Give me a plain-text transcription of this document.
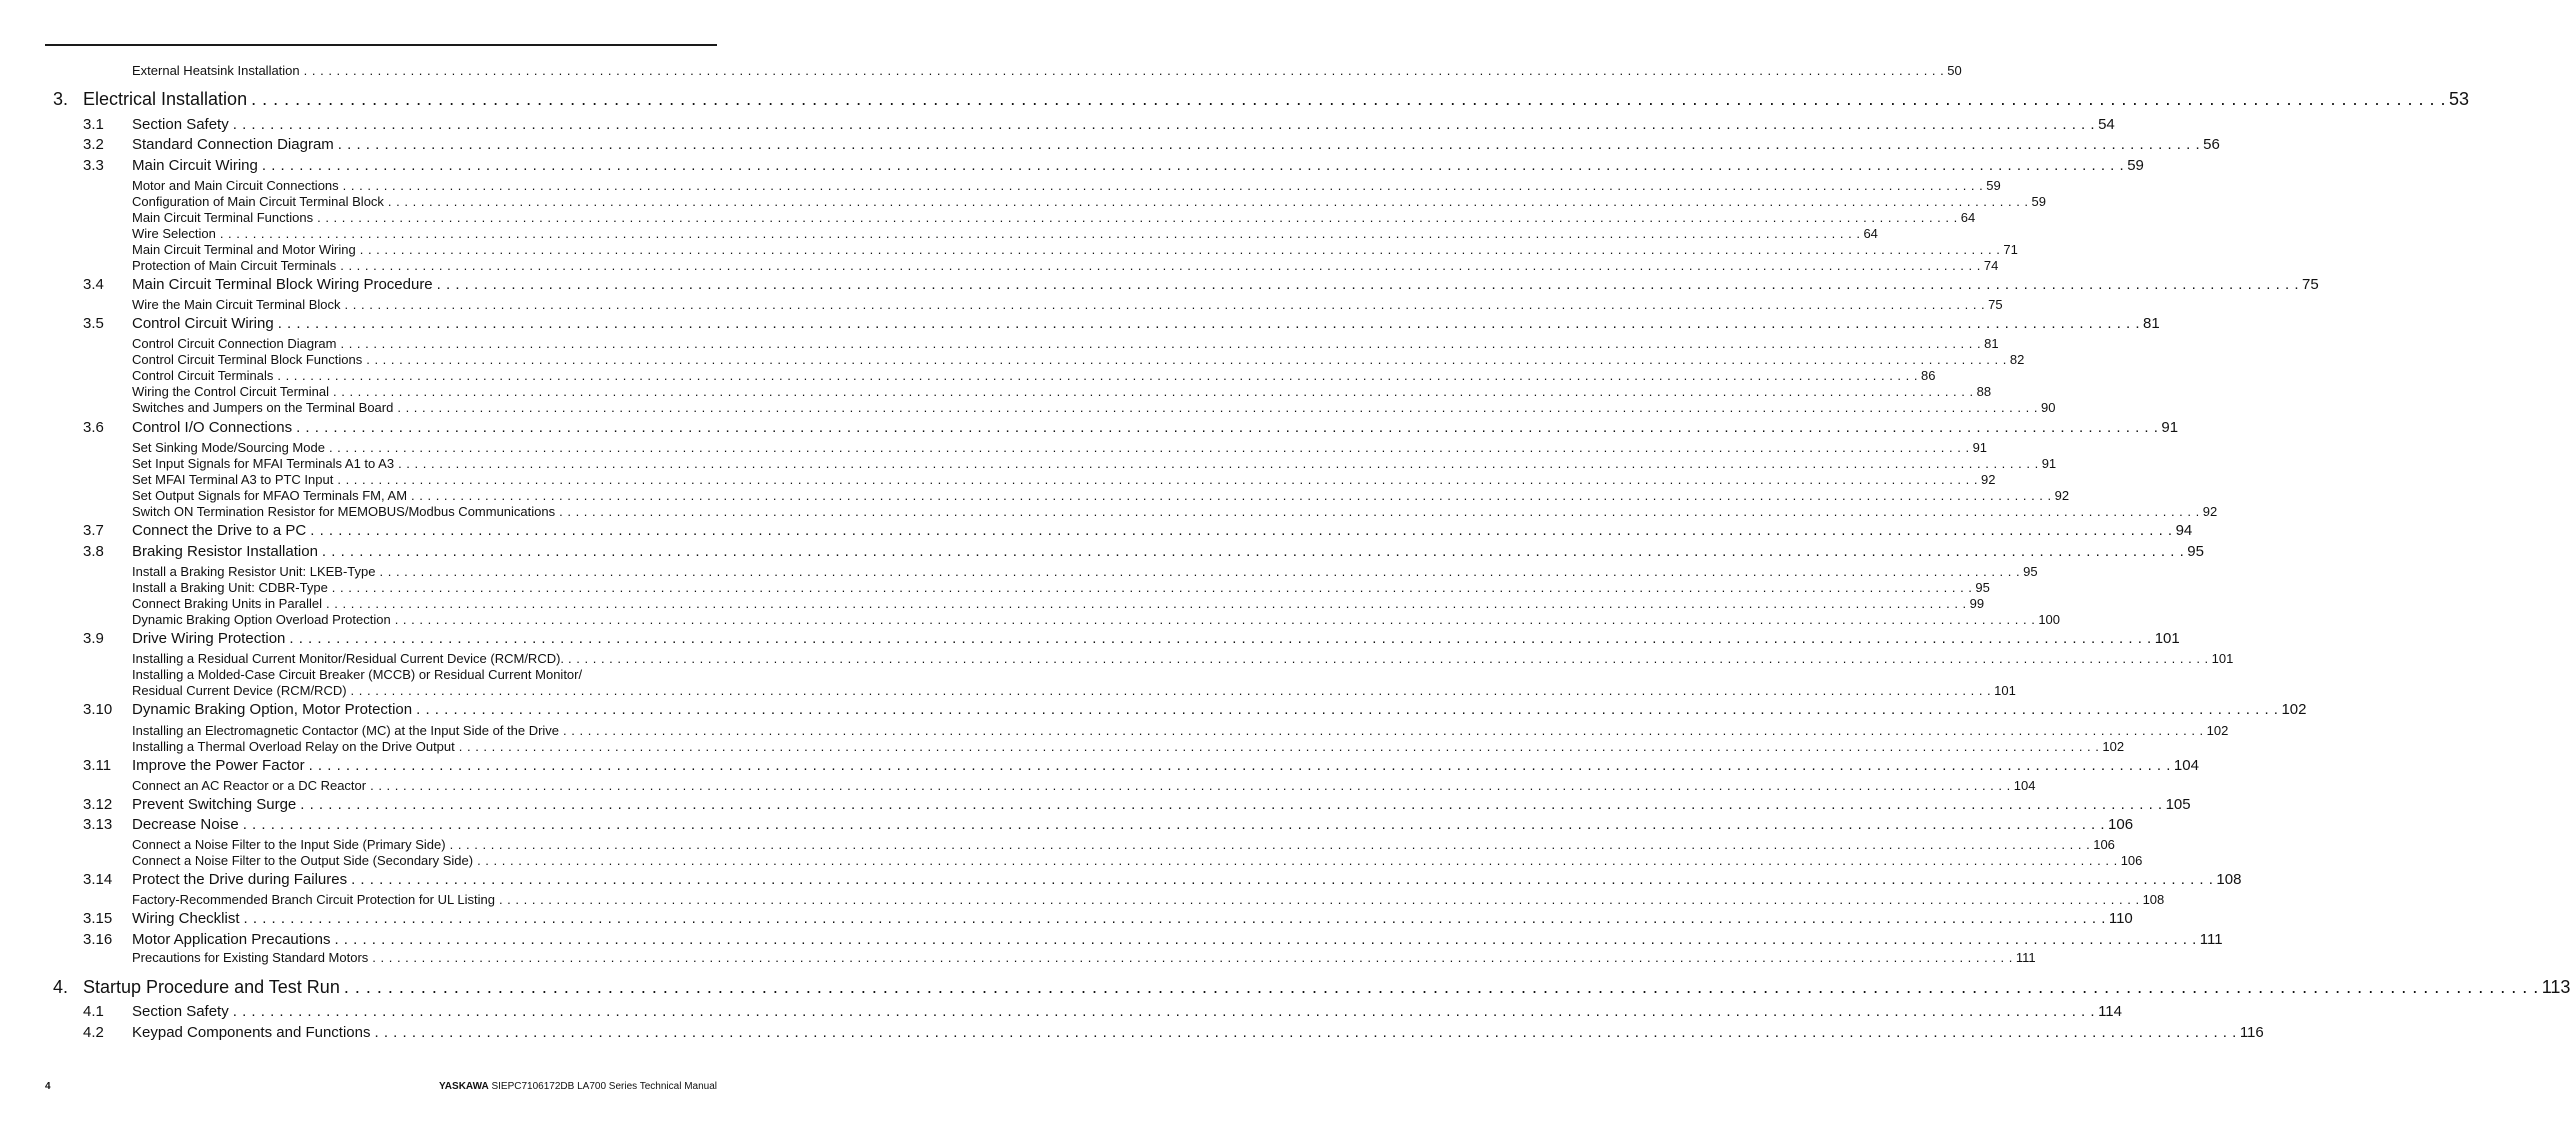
External Heatsink Installation . . . . . . . . . . . . . . . . . . . . . . . . . . . . . . . . . . . . . . . . . . . . . . . . . . . . . . . . . . . . . . . . . . . . . . . . . . . . . . . . . . . . . . . . . . . . . . . . . . . . . . . . . . . . . . . . . . . . . . . . . . . . . . . . . . . . . . . . . . . . . . . . . . . . . . . . . . . . . . . . . . . . . . . . . . . . . . . . . . . . . . . . . . . . . . . . . . . . . . . . 50
3. Electrical Installation . . . . . . . . . . . . . . . . . . . . . . . . . . . . . . . . . . . . . . . . . . . . . . . . . . . . . . . . . . . . . . . . . . . . . . . . . . . . . . . . . . . . . . . . . . . . . . . . . . . . . . . . . . . . . . . . . . . . . . . . . . . . . . . . . . . . . . . . . . . . . . . . . . . . . . . . . . . . . . . . . . . . . . . . . . . . . . . . . . . . . . . . . . . . . . . . . . . . . . . . 53
3.1 Section Safety . . . . . . . . . . . . . . . . . . . . . . . . . . . . . . . . . . . . . . . . . . . . . . . . . . . . . . . . . . . . . . . . . . . . . . . . . . . . . . . . . . . . . . . . . . . . . . . . . . . . . . . . . . . . . . . . . . . . . . . . . . . . . . . . . . . . . . . . . . . . . . . . . . . . . . . . . . . . . . . . . . . . . . . . . . . . . . . . . . . . . . . . . . . . . . . . . . . . . . . . 54
3.2 Standard Connection Diagram . . . . . . . . . . . . . . . . . . . . . . . . . . . . . . . . . . . . . . . . . . . . . . . . . . . . . . . . . . . . . . . . . . . . . . . . . . . . . . . . . . . . . . . . . . . . . . . . . . . . . . . . . . . . . . . . . . . . . . . . . . . . . . . . . . . . . . . . . . . . . . . . . . . . . . . . . . . . . . . . . . . . . . . . . . . . . . . . . . . . . . . . . . . . . . . . . . . . . . . . 56
3.3 Main Circuit Wiring . . . . . . . . . . . . . . . . . . . . . . . . . . . . . . . . . . . . . . . . . . . . . . . . . . . . . . . . . . . . . . . . . . . . . . . . . . . . . . . . . . . . . . . . . . . . . . . . . . . . . . . . . . . . . . . . . . . . . . . . . . . . . . . . . . . . . . . . . . . . . . . . . . . . . . . . . . . . . . . . . . . . . . . . . . . . . . . . . . . . . . . . . . . . . . . . . . . . . . . . 59
Motor and Main Circuit Connections . . . . . . . . . . . . . . . . . . . . . . . . . . . . . . . . . . . . . . . . . . . . . . . . . . . . . . . . . . . . . . . . . . . . . . . . . . . . . . . . . . . . . . . . . . . . . . . . . . . . . . . . . . . . . . . . . . . . . . . . . . . . . . . . . . . . . . . . . . . . . . . . . . . . . . . . . . . . . . . . . . . . . . . . . . . . . . . . . . . . . . . . . . . . . . . . . . . . . . . . 59
Configuration of Main Circuit Terminal Block . . . . . . . . . . . . . . . . . . . . . . . . . . . . . . . . . . . . . . . . . . . . . . . . . . . . . . . . . . . . . . . . . . . . . . . . . . . . . . . . . . . . . . . . . . . . . . . . . . . . . . . . . . . . . . . . . . . . . . . . . . . . . . . . . . . . . . . . . . . . . . . . . . . . . . . . . . . . . . . . . . . . . . . . . . . . . . . . . . . . . . . . . . . . . . . . . . . . . . . . 59
Main Circuit Terminal Functions . . . . . . . . . . . . . . . . . . . . . . . . . . . . . . . . . . . . . . . . . . . . . . . . . . . . . . . . . . . . . . . . . . . . . . . . . . . . . . . . . . . . . . . . . . . . . . . . . . . . . . . . . . . . . . . . . . . . . . . . . . . . . . . . . . . . . . . . . . . . . . . . . . . . . . . . . . . . . . . . . . . . . . . . . . . . . . . . . . . . . . . . . . . . . . . . . . . . . . . . 64
Wire Selection . . . . . . . . . . . . . . . . . . . . . . . . . . . . . . . . . . . . . . . . . . . . . . . . . . . . . . . . . . . . . . . . . . . . . . . . . . . . . . . . . . . . . . . . . . . . . . . . . . . . . . . . . . . . . . . . . . . . . . . . . . . . . . . . . . . . . . . . . . . . . . . . . . . . . . . . . . . . . . . . . . . . . . . . . . . . . . . . . . . . . . . . . . . . . . . . . . . . . . . . 64
Main Circuit Terminal and Motor Wiring . . . . . . . . . . . . . . . . . . . . . . . . . . . . . . . . . . . . . . . . . . . . . . . . . . . . . . . . . . . . . . . . . . . . . . . . . . . . . . . . . . . . . . . . . . . . . . . . . . . . . . . . . . . . . . . . . . . . . . . . . . . . . . . . . . . . . . . . . . . . . . . . . . . . . . . . . . . . . . . . . . . . . . . . . . . . . . . . . . . . . . . . . . . . . . . . . . . . . . . . 71
Protection of Main Circuit Terminals . . . . . . . . . . . . . . . . . . . . . . . . . . . . . . . . . . . . . . . . . . . . . . . . . . . . . . . . . . . . . . . . . . . . . . . . . . . . . . . . . . . . . . . . . . . . . . . . . . . . . . . . . . . . . . . . . . . . . . . . . . . . . . . . . . . . . . . . . . . . . . . . . . . . . . . . . . . . . . . . . . . . . . . . . . . . . . . . . . . . . . . . . . . . . . . . . . . . . . . . 74
3.4 Main Circuit Terminal Block Wiring Procedure . . . . . . . . . . . . . . . . . . . . . . . . . . . . . . . . . . . . . . . . . . . . . . . . . . . . . . . . . . . . . . . . . . . . . . . . . . . . . . . . . . . . . . . . . . . . . . . . . . . . . . . . . . . . . . . . . . . . . . . . . . . . . . . . . . . . . . . . . . . . . . . . . . . . . . . . . . . . . . . . . . . . . . . . . . . . . . . . . . . . . . . . . . . . . . . . . . . . . . . . 75
Wire the Main Circuit Terminal Block . . . . . . . . . . . . . . . . . . . . . . . . . . . . . . . . . . . . . . . . . . . . . . . . . . . . . . . . . . . . . . . . . . . . . . . . . . . . . . . . . . . . . . . . . . . . . . . . . . . . . . . . . . . . . . . . . . . . . . . . . . . . . . . . . . . . . . . . . . . . . . . . . . . . . . . . . . . . . . . . . . . . . . . . . . . . . . . . . . . . . . . . . . . . . . . . . . . . . . . . 75
3.5 Control Circuit Wiring . . . . . . . . . . . . . . . . . . . . . . . . . . . . . . . . . . . . . . . . . . . . . . . . . . . . . . . . . . . . . . . . . . . . . . . . . . . . . . . . . . . . . . . . . . . . . . . . . . . . . . . . . . . . . . . . . . . . . . . . . . . . . . . . . . . . . . . . . . . . . . . . . . . . . . . . . . . . . . . . . . . . . . . . . . . . . . . . . . . . . . . . . . . . . . . . . . . . . . . . 81
Control Circuit Connection Diagram . . . . . . . . . . . . . . . . . . . . . . . . . . . . . . . . . . . . . . . . . . . . . . . . . . . . . . . . . . . . . . . . . . . . . . . . . . . . . . . . . . . . . . . . . . . . . . . . . . . . . . . . . . . . . . . . . . . . . . . . . . . . . . . . . . . . . . . . . . . . . . . . . . . . . . . . . . . . . . . . . . . . . . . . . . . . . . . . . . . . . . . . . . . . . . . . . . . . . . . . 81
Control Circuit Terminal Block Functions . . . . . . . . . . . . . . . . . . . . . . . . . . . . . . . . . . . . . . . . . . . . . . . . . . . . . . . . . . . . . . . . . . . . . . . . . . . . . . . . . . . . . . . . . . . . . . . . . . . . . . . . . . . . . . . . . . . . . . . . . . . . . . . . . . . . . . . . . . . . . . . . . . . . . . . . . . . . . . . . . . . . . . . . . . . . . . . . . . . . . . . . . . . . . . . . . . . . . . . . 82
Control Circuit Terminals . . . . . . . . . . . . . . . . . . . . . . . . . . . . . . . . . . . . . . . . . . . . . . . . . . . . . . . . . . . . . . . . . . . . . . . . . . . . . . . . . . . . . . . . . . . . . . . . . . . . . . . . . . . . . . . . . . . . . . . . . . . . . . . . . . . . . . . . . . . . . . . . . . . . . . . . . . . . . . . . . . . . . . . . . . . . . . . . . . . . . . . . . . . . . . . . . . . . . . . . 86
Wiring the Control Circuit Terminal . . . . . . . . . . . . . . . . . . . . . . . . . . . . . . . . . . . . . . . . . . . . . . . . . . . . . . . . . . . . . . . . . . . . . . . . . . . . . . . . . . . . . . . . . . . . . . . . . . . . . . . . . . . . . . . . . . . . . . . . . . . . . . . . . . . . . . . . . . . . . . . . . . . . . . . . . . . . . . . . . . . . . . . . . . . . . . . . . . . . . . . . . . . . . . . . . . . . . . . . 88
Switches and Jumpers on the Terminal Board . . . . . . . . . . . . . . . . . . . . . . . . . . . . . . . . . . . . . . . . . . . . . . . . . . . . . . . . . . . . . . . . . . . . . . . . . . . . . . . . . . . . . . . . . . . . . . . . . . . . . . . . . . . . . . . . . . . . . . . . . . . . . . . . . . . . . . . . . . . . . . . . . . . . . . . . . . . . . . . . . . . . . . . . . . . . . . . . . . . . . . . . . . . . . . . . . . . . . . . . 90
3.6 Control I/O Connections . . . . . . . . . . . . . . . . . . . . . . . . . . . . . . . . . . . . . . . . . . . . . . . . . . . . . . . . . . . . . . . . . . . . . . . . . . . . . . . . . . . . . . . . . . . . . . . . . . . . . . . . . . . . . . . . . . . . . . . . . . . . . . . . . . . . . . . . . . . . . . . . . . . . . . . . . . . . . . . . . . . . . . . . . . . . . . . . . . . . . . . . . . . . . . . . . . . . . . . . 91
Set Sinking Mode/Sourcing Mode . . . . . . . . . . . . . . . . . . . . . . . . . . . . . . . . . . . . . . . . . . . . . . . . . . . . . . . . . . . . . . . . . . . . . . . . . . . . . . . . . . . . . . . . . . . . . . . . . . . . . . . . . . . . . . . . . . . . . . . . . . . . . . . . . . . . . . . . . . . . . . . . . . . . . . . . . . . . . . . . . . . . . . . . . . . . . . . . . . . . . . . . . . . . . . . . . . . . . . . . 91
Set Input Signals for MFAI Terminals A1 to A3 . . . . . . . . . . . . . . . . . . . . . . . . . . . . . . . . . . . . . . . . . . . . . . . . . . . . . . . . . . . . . . . . . . . . . . . . . . . . . . . . . . . . . . . . . . . . . . . . . . . . . . . . . . . . . . . . . . . . . . . . . . . . . . . . . . . . . . . . . . . . . . . . . . . . . . . . . . . . . . . . . . . . . . . . . . . . . . . . . . . . . . . . . . . . . . . . . . . . . . . . 91
Set MFAI Terminal A3 to PTC Input . . . . . . . . . . . . . . . . . . . . . . . . . . . . . . . . . . . . . . . . . . . . . . . . . . . . . . . . . . . . . . . . . . . . . . . . . . . . . . . . . . . . . . . . . . . . . . . . . . . . . . . . . . . . . . . . . . . . . . . . . . . . . . . . . . . . . . . . . . . . . . . . . . . . . . . . . . . . . . . . . . . . . . . . . . . . . . . . . . . . . . . . . . . . . . . . . . . . . . . . 92
Set Output Signals for MFAO Terminals FM, AM . . . . . . . . . . . . . . . . . . . . . . . . . . . . . . . . . . . . . . . . . . . . . . . . . . . . . . . . . . . . . . . . . . . . . . . . . . . . . . . . . . . . . . . . . . . . . . . . . . . . . . . . . . . . . . . . . . . . . . . . . . . . . . . . . . . . . . . . . . . . . . . . . . . . . . . . . . . . . . . . . . . . . . . . . . . . . . . . . . . . . . . . . . . . . . . . . . . . . . . . 92
Switch ON Termination Resistor for MEMOBUS/Modbus Communications . . . . . . . . . . . . . . . . . . . . . . . . . . . . . . . . . . . . . . . . . . . . . . . . . . . . . . . . . . . . . . . . . . . . . . . . . . . . . . . . . . . . . . . . . . . . . . . . . . . . . . . . . . . . . . . . . . . . . . . . . . . . . . . . . . . . . . . . . . . . . . . . . . . . . . . . . . . . . . . . . . . . . . . . . . . . . . . . . . . . . . . . . . . . . . . . . . . . . . . . 92
3.7 Connect the Drive to a PC . . . . . . . . . . . . . . . . . . . . . . . . . . . . . . . . . . . . . . . . . . . . . . . . . . . . . . . . . . . . . . . . . . . . . . . . . . . . . . . . . . . . . . . . . . . . . . . . . . . . . . . . . . . . . . . . . . . . . . . . . . . . . . . . . . . . . . . . . . . . . . . . . . . . . . . . . . . . . . . . . . . . . . . . . . . . . . . . . . . . . . . . . . . . . . . . . . . . . . . . 94
3.8 Braking Resistor Installation . . . . . . . . . . . . . . . . . . . . . . . . . . . . . . . . . . . . . . . . . . . . . . . . . . . . . . . . . . . . . . . . . . . . . . . . . . . . . . . . . . . . . . . . . . . . . . . . . . . . . . . . . . . . . . . . . . . . . . . . . . . . . . . . . . . . . . . . . . . . . . . . . . . . . . . . . . . . . . . . . . . . . . . . . . . . . . . . . . . . . . . . . . . . . . . . . . . . . . . . 95
Install a Braking Resistor Unit: LKEB-Type . . . . . . . . . . . . . . . . . . . . . . . . . . . . . . . . . . . . . . . . . . . . . . . . . . . . . . . . . . . . . . . . . . . . . . . . . . . . . . . . . . . . . . . . . . . . . . . . . . . . . . . . . . . . . . . . . . . . . . . . . . . . . . . . . . . . . . . . . . . . . . . . . . . . . . . . . . . . . . . . . . . . . . . . . . . . . . . . . . . . . . . . . . . . . . . . . . . . . . . . 95
Install a Braking Unit: CDBR-Type . . . . . . . . . . . . . . . . . . . . . . . . . . . . . . . . . . . . . . . . . . . . . . . . . . . . . . . . . . . . . . . . . . . . . . . . . . . . . . . . . . . . . . . . . . . . . . . . . . . . . . . . . . . . . . . . . . . . . . . . . . . . . . . . . . . . . . . . . . . . . . . . . . . . . . . . . . . . . . . . . . . . . . . . . . . . . . . . . . . . . . . . . . . . . . . . . . . . . . . . 95
Connect Braking Units in Parallel . . . . . . . . . . . . . . . . . . . . . . . . . . . . . . . . . . . . . . . . . . . . . . . . . . . . . . . . . . . . . . . . . . . . . . . . . . . . . . . . . . . . . . . . . . . . . . . . . . . . . . . . . . . . . . . . . . . . . . . . . . . . . . . . . . . . . . . . . . . . . . . . . . . . . . . . . . . . . . . . . . . . . . . . . . . . . . . . . . . . . . . . . . . . . . . . . . . . . . . . 99
Dynamic Braking Option Overload Protection . . . . . . . . . . . . . . . . . . . . . . . . . . . . . . . . . . . . . . . . . . . . . . . . . . . . . . . . . . . . . . . . . . . . . . . . . . . . . . . . . . . . . . . . . . . . . . . . . . . . . . . . . . . . . . . . . . . . . . . . . . . . . . . . . . . . . . . . . . . . . . . . . . . . . . . . . . . . . . . . . . . . . . . . . . . . . . . . . . . . . . . . . . . . . . . . . . . . . . . . 100
3.9 Drive Wiring Protection . . . . . . . . . . . . . . . . . . . . . . . . . . . . . . . . . . . . . . . . . . . . . . . . . . . . . . . . . . . . . . . . . . . . . . . . . . . . . . . . . . . . . . . . . . . . . . . . . . . . . . . . . . . . . . . . . . . . . . . . . . . . . . . . . . . . . . . . . . . . . . . . . . . . . . . . . . . . . . . . . . . . . . . . . . . . . . . . . . . . . . . . . . . . . . . . . . . . . . . . 101
Installing a Residual Current Monitor/Residual Current Device (RCM/RCD). . . . . . . . . . . . . . . . . . . . . . . . . . . . . . . . . . . . . . . . . . . . . . . . . . . . . . . . . . . . . . . . . . . . . . . . . . . . . . . . . . . . . . . . . . . . . . . . . . . . . . . . . . . . . . . . . . . . . . . . . . . . . . . . . . . . . . . . . . . . . . . . . . . . . . . . . . . . . . . . . . . . . . . . . . . . . . . . . . . . . . . . . . . . . . . . . . . . . . . . . 101
Residual Current Device (RCM/RCD) . . . . . . . . . . . . . . . . . . . . . . . . . . . . . . . . . . . . . . . . . . . . . . . . . . . . . . . . . . . . . . . . . . . . . . . . . . . . . . . . . . . . . . . . . . . . . . . . . . . . . . . . . . . . . . . . . . . . . . . . . . . . . . . . . . . . . . . . . . . . . . . . . . . . . . . . . . . . . . . . . . . . . . . . . . . . . . . . . . . . . . . . . . . . . . . . . . . . . . . . 101
3.10 Dynamic Braking Option, Motor Protection . . . . . . . . . . . . . . . . . . . . . . . . . . . . . . . . . . . . . . . . . . . . . . . . . . . . . . . . . . . . . . . . . . . . . . . . . . . . . . . . . . . . . . . . . . . . . . . . . . . . . . . . . . . . . . . . . . . . . . . . . . . . . . . . . . . . . . . . . . . . . . . . . . . . . . . . . . . . . . . . . . . . . . . . . . . . . . . . . . . . . . . . . . . . . . . . . . . . . . . . 102
Installing an Electromagnetic Contactor (MC) at the Input Side of the Drive . . . . . . . . . . . . . . . . . . . . . . . . . . . . . . . . . . . . . . . . . . . . . . . . . . . . . . . . . . . . . . . . . . . . . . . . . . . . . . . . . . . . . . . . . . . . . . . . . . . . . . . . . . . . . . . . . . . . . . . . . . . . . . . . . . . . . . . . . . . . . . . . . . . . . . . . . . . . . . . . . . . . . . . . . . . . . . . . . . . . . . . . . . . . . . . . . . . . . . . . 102
Installing a Thermal Overload Relay on the Drive Output . . . . . . . . . . . . . . . . . . . . . . . . . . . . . . . . . . . . . . . . . . . . . . . . . . . . . . . . . . . . . . . . . . . . . . . . . . . . . . . . . . . . . . . . . . . . . . . . . . . . . . . . . . . . . . . . . . . . . . . . . . . . . . . . . . . . . . . . . . . . . . . . . . . . . . . . . . . . . . . . . . . . . . . . . . . . . . . . . . . . . . . . . . . . . . . . . . . . . . . . 102
3.11 Improve the Power Factor . . . . . . . . . . . . . . . . . . . . . . . . . . . . . . . . . . . . . . . . . . . . . . . . . . . . . . . . . . . . . . . . . . . . . . . . . . . . . . . . . . . . . . . . . . . . . . . . . . . . . . . . . . . . . . . . . . . . . . . . . . . . . . . . . . . . . . . . . . . . . . . . . . . . . . . . . . . . . . . . . . . . . . . . . . . . . . . . . . . . . . . . . . . . . . . . . . . . . . . . 104
Connect an AC Reactor or a DC Reactor . . . . . . . . . . . . . . . . . . . . . . . . . . . . . . . . . . . . . . . . . . . . . . . . . . . . . . . . . . . . . . . . . . . . . . . . . . . . . . . . . . . . . . . . . . . . . . . . . . . . . . . . . . . . . . . . . . . . . . . . . . . . . . . . . . . . . . . . . . . . . . . . . . . . . . . . . . . . . . . . . . . . . . . . . . . . . . . . . . . . . . . . . . . . . . . . . . . . . . . . 104
3.12 Prevent Switching Surge . . . . . . . . . . . . . . . . . . . . . . . . . . . . . . . . . . . . . . . . . . . . . . . . . . . . . . . . . . . . . . . . . . . . . . . . . . . . . . . . . . . . . . . . . . . . . . . . . . . . . . . . . . . . . . . . . . . . . . . . . . . . . . . . . . . . . . . . . . . . . . . . . . . . . . . . . . . . . . . . . . . . . . . . . . . . . . . . . . . . . . . . . . . . . . . . . . . . . . . . 105
3.13 Decrease Noise . . . . . . . . . . . . . . . . . . . . . . . . . . . . . . . . . . . . . . . . . . . . . . . . . . . . . . . . . . . . . . . . . . . . . . . . . . . . . . . . . . . . . . . . . . . . . . . . . . . . . . . . . . . . . . . . . . . . . . . . . . . . . . . . . . . . . . . . . . . . . . . . . . . . . . . . . . . . . . . . . . . . . . . . . . . . . . . . . . . . . . . . . . . . . . . . . . . . . . . . 106
Connect a Noise Filter to the Input Side (Primary Side) . . . . . . . . . . . . . . . . . . . . . . . . . . . . . . . . . . . . . . . . . . . . . . . . . . . . . . . . . . . . . . . . . . . . . . . . . . . . . . . . . . . . . . . . . . . . . . . . . . . . . . . . . . . . . . . . . . . . . . . . . . . . . . . . . . . . . . . . . . . . . . . . . . . . . . . . . . . . . . . . . . . . . . . . . . . . . . . . . . . . . . . . . . . . . . . . . . . . . . . . 106
Connect a Noise Filter to the Output Side (Secondary Side) . . . . . . . . . . . . . . . . . . . . . . . . . . . . . . . . . . . . . . . . . . . . . . . . . . . . . . . . . . . . . . . . . . . . . . . . . . . . . . . . . . . . . . . . . . . . . . . . . . . . . . . . . . . . . . . . . . . . . . . . . . . . . . . . . . . . . . . . . . . . . . . . . . . . . . . . . . . . . . . . . . . . . . . . . . . . . . . . . . . . . . . . . . . . . . . . . . . . . . . . 106
3.14 Protect the Drive during Failures . . . . . . . . . . . . . . . . . . . . . . . . . . . . . . . . . . . . . . . . . . . . . . . . . . . . . . . . . . . . . . . . . . . . . . . . . . . . . . . . . . . . . . . . . . . . . . . . . . . . . . . . . . . . . . . . . . . . . . . . . . . . . . . . . . . . . . . . . . . . . . . . . . . . . . . . . . . . . . . . . . . . . . . . . . . . . . . . . . . . . . . . . . . . . . . . . . . . . . . . 108
Factory-Recommended Branch Circuit Protection for UL Listing . . . . . . . . . . . . . . . . . . . . . . . . . . . . . . . . . . . . . . . . . . . . . . . . . . . . . . . . . . . . . . . . . . . . . . . . . . . . . . . . . . . . . . . . . . . . . . . . . . . . . . . . . . . . . . . . . . . . . . . . . . . . . . . . . . . . . . . . . . . . . . . . . . . . . . . . . . . . . . . . . . . . . . . . . . . . . . . . . . . . . . . . . . . . . . . . . . . . . . . . 108
3.15 Wiring Checklist . . . . . . . . . . . . . . . . . . . . . . . . . . . . . . . . . . . . . . . . . . . . . . . . . . . . . . . . . . . . . . . . . . . . . . . . . . . . . . . . . . . . . . . . . . . . . . . . . . . . . . . . . . . . . . . . . . . . . . . . . . . . . . . . . . . . . . . . . . . . . . . . . . . . . . . . . . . . . . . . . . . . . . . . . . . . . . . . . . . . . . . . . . . . . . . . . . . . . . . . 110
3.16 Motor Application Precautions . . . . . . . . . . . . . . . . . . . . . . . . . . . . . . . . . . . . . . . . . . . . . . . . . . . . . . . . . . . . . . . . . . . . . . . . . . . . . . . . . . . . . . . . . . . . . . . . . . . . . . . . . . . . . . . . . . . . . . . . . . . . . . . . . . . . . . . . . . . . . . . . . . . . . . . . . . . . . . . . . . . . . . . . . . . . . . . . . . . . . . . . . . . . . . . . . . . . . . . . 111
Precautions for Existing Standard Motors . . . . . . . . . . . . . . . . . . . . . . . . . . . . . . . . . . . . . . . . . . . . . . . . . . . . . . . . . . . . . . . . . . . . . . . . . . . . . . . . . . . . . . . . . . . . . . . . . . . . . . . . . . . . . . . . . . . . . . . . . . . . . . . . . . . . . . . . . . . . . . . . . . . . . . . . . . . . . . . . . . . . . . . . . . . . . . . . . . . . . . . . . . . . . . . . . . . . . . . . 111
4. Startup Procedure and Test Run . . . . . . . . . . . . . . . . . . . . . . . . . . . . . . . . . . . . . . . . . . . . . . . . . . . . . . . . . . . . . . . . . . . . . . . . . . . . . . . . . . . . . . . . . . . . . . . . . . . . . . . . . . . . . . . . . . . . . . . . . . . . . . . . . . . . . . . . . . . . . . . . . . . . . . . . . . . . . . . . . . . . . . . . . . . . . . . . . . . . . . . . . . . . . . . . . . . . . . . . 113
4.1 Section Safety . . . . . . . . . . . . . . . . . . . . . . . . . . . . . . . . . . . . . . . . . . . . . . . . . . . . . . . . . . . . . . . . . . . . . . . . . . . . . . . . . . . . . . . . . . . . . . . . . . . . . . . . . . . . . . . . . . . . . . . . . . . . . . . . . . . . . . . . . . . . . . . . . . . . . . . . . . . . . . . . . . . . . . . . . . . . . . . . . . . . . . . . . . . . . . . . . . . . . . . . 114
4.2 Keypad Components and Functions . . . . . . . . . . . . . . . . . . . . . . . . . . . . . . . . . . . . . . . . . . . . . . . . . . . . . . . . . . . . . . . . . . . . . . . . . . . . . . . . . . . . . . . . . . . . . . . . . . . . . . . . . . . . . . . . . . . . . . . . . . . . . . . . . . . . . . . . . . . . . . . . . . . . . . . . . . . . . . . . . . . . . . . . . . . . . . . . . . . . . . . . . . . . . . . . . . . . . . . . 116
Installing a Molded-Case Circuit Breaker (MCCB) or Residual Current Monitor/
4	YASKAWA SIEPC7106172DB LA700 Series Technical Manual
